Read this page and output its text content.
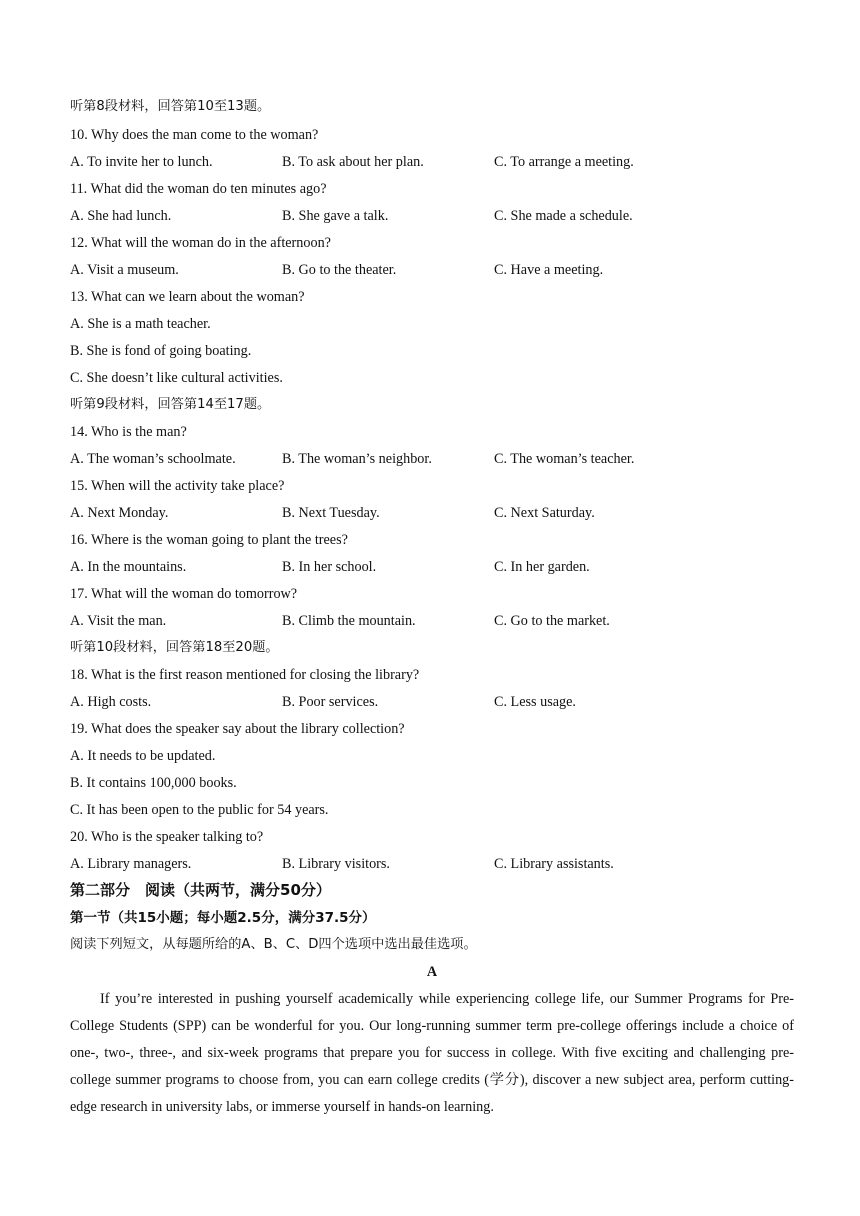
听第8段材料，回答第10至13题。
10. Why does the man come to the woman?
A. To invite her to lunch.	B. To ask about her plan.	C. To arrange a meeting.
11. What did the woman do ten minutes ago?
A. She had lunch.	B. She gave a talk.	C. She made a schedule.
12. What will the woman do in the afternoon?
A. Visit a museum.	B. Go to the theater.	C. Have a meeting.
13. What can we learn about the woman?
A. She is a math teacher.
B. She is fond of going boating.
C. She doesn’t like cultural activities.
听第9段材料，回答第14至17题。
14. Who is the man?
A. The woman’s schoolmate.	B. The woman’s neighbor.	C. The woman’s teacher.
15. When will the activity take place?
A. Next Monday.	B. Next Tuesday.	C. Next Saturday.
16. Where is the woman going to plant the trees?
A. In the mountains.	B. In her school.	C. In her garden.
17. What will the woman do tomorrow?
A. Visit the man.	B. Climb the mountain.	C. Go to the market.
听第10段材料，回答第18至20题。
18. What is the first reason mentioned for closing the library?
A. High costs.	B. Poor services.	C. Less usage.
19. What does the speaker say about the library collection?
A. It needs to be updated.
B. It contains 100,000 books.
C. It has been open to the public for 54 years.
20. Who is the speaker talking to?
A. Library managers.	B. Library visitors.	C. Library assistants.
第二部分　阅读（共两节，满分50分）
第一节（共15小题；每小题2.5分，满分37.5分）
阅读下列短文，从每题所给的A、B、C、D四个选项中选出最佳选项。
A
If you’re interested in pushing yourself academically while experiencing college life, our Summer Programs for Pre-College Students (SPP) can be wonderful for you. Our long-running summer term pre-college offerings include a choice of one-, two-, three-, and six-week programs that prepare you for success in college. With five exciting and challenging pre-college summer programs to choose from, you can earn college credits (学分), discover a new subject area, perform cutting-edge research in university labs, or immerse yourself in hands-on learning.
